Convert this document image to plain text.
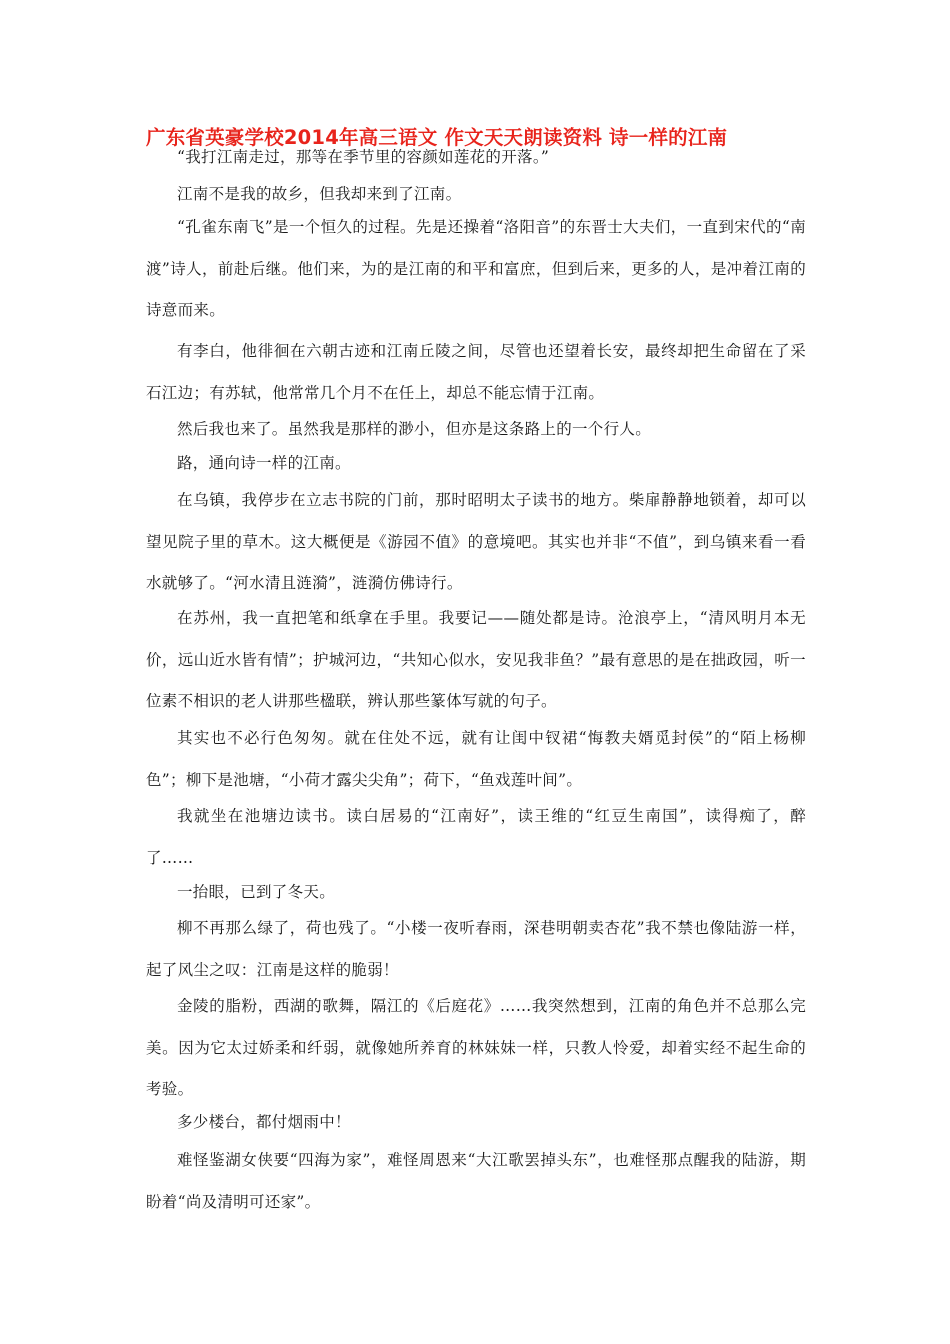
广东省英豪学校2014年高三语文 作文天天朗读资料 诗一样的江南

“我打江南走过，那等在季节里的容颜如莲花的开落。”

江南不是我的故乡，但我却来到了江南。

“孔雀东南飞”是一个恒久的过程。先是还操着“洛阳音”的东晋士大夫们，一直到宋代的“南渡”诗人，前赴后继。他们来，为的是江南的和平和富庶，但到后来，更多的人，是冲着江南的诗意而来。

有李白，他徘徊在六朝古迹和江南丘陵之间，尽管也还望着长安，最终却把生命留在了采石江边；有苏轼，他常常几个月不在任上，却总不能忘情于江南。

然后我也来了。虽然我是那样的渺小，但亦是这条路上的一个行人。

路，通向诗一样的江南。

在乌镇，我停步在立志书院的门前，那时昭明太子读书的地方。柴扉静静地锁着，却可以望见院子里的草木。这大概便是《游园不值》的意境吧。其实也并非“不值”，到乌镇来看一看水就够了。“河水清且涟漪”，涟漪仿佛诗行。

在苏州，我一直把笔和纸拿在手里。我要记——随处都是诗。沧浪亭上，“清风明月本无价，远山近水皆有情”；护城河边，“共知心似水，安见我非鱼？”最有意思的是在拙政园，听一位素不相识的老人讲那些楹联，辨认那些篆体写就的句子。

其实也不必行色匆匆。就在住处不远，就有让闺中钗裙“悔教夫婿觅封侯”的“陌上杨柳色”；柳下是池塘，“小荷才露尖尖角”；荷下，“鱼戏莲叶间”。

我就坐在池塘边读书。读白居易的“江南好”，读王维的“红豆生南国”，读得痴了，醉了……

一抬眼，已到了冬天。

柳不再那么绿了，荷也残了。“小楼一夜听春雨，深巷明朝卖杏花”我不禁也像陆游一样，起了风尘之叹：江南是这样的脆弱！

金陵的脂粉，西湖的歌舞，隔江的《后庭花》……我突然想到，江南的角色并不总那么完美。因为它太过娇柔和纤弱，就像她所养育的林妹妹一样，只教人怜爱，却着实经不起生命的考验。

多少楼台，都付烟雨中！

难怪鉴湖女侠要“四海为家”，难怪周恩来“大江歌罢掉头东”，也难怪那点醒我的陆游，期盼着“尚及清明可还家”。
